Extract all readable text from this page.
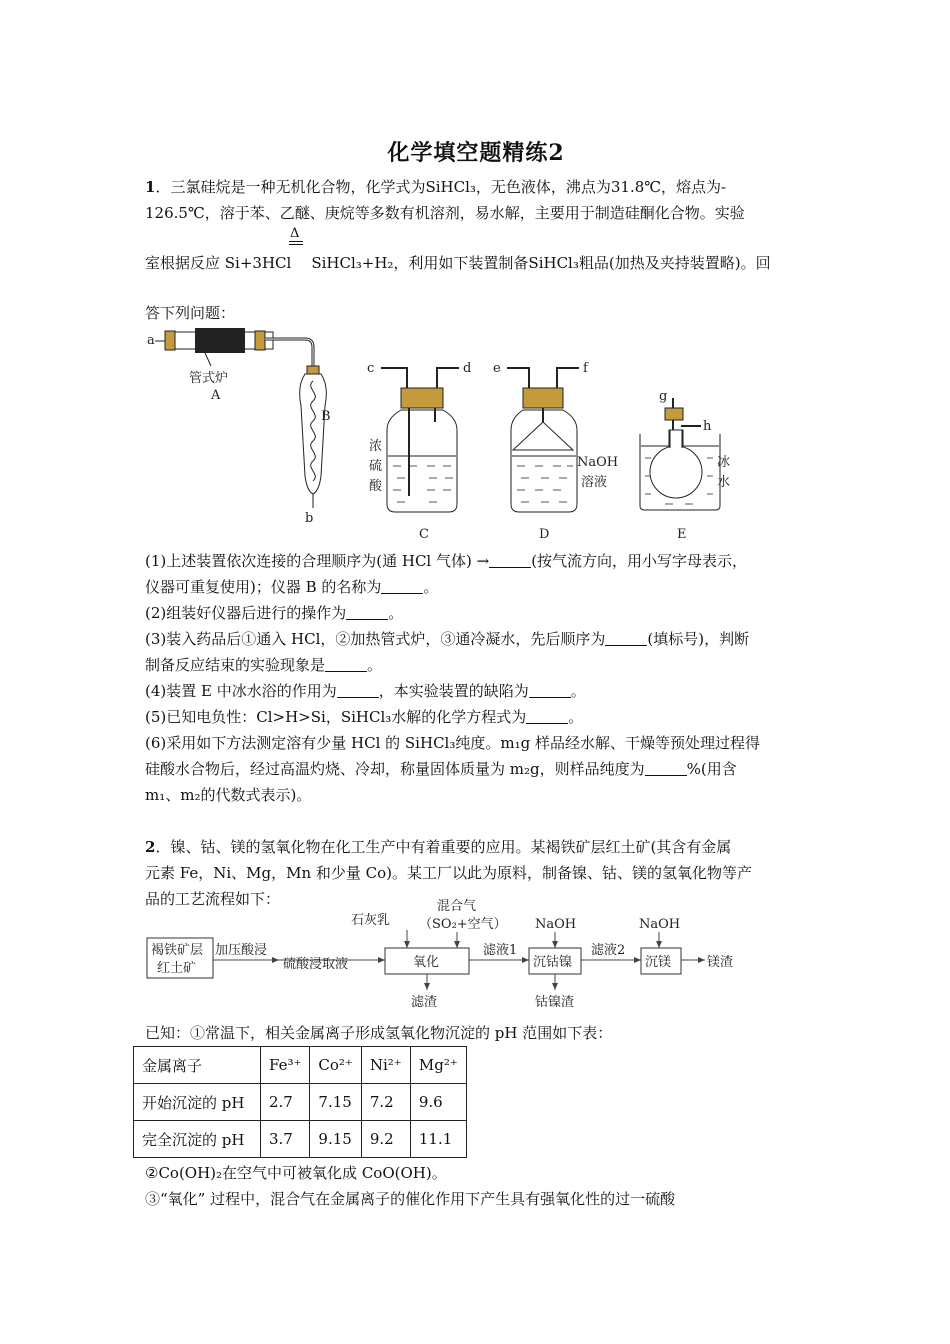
化学填空题精练2
1．三氯硅烷是一种无机化合物，化学式为SiHCl₃，无色液体，沸点为31.8℃，熔点为-
126.5℃，溶于苯、乙醚、庚烷等多数有机溶剂，易水解，主要用于制造硅酮化合物。实验
Δ
室根据反应 Si+3HCl SiHCl₃+H₂，利用如下装置制备SiHCl₃粗品(加热及夹持装置略)。回
答下列问题：
a
管式炉
A
B
b
c	d
浓
硫
酸
C
e	f
NaOH
溶液
D
g
h
冰
水
E
(1)上述装置依次连接的合理顺序为(通 HCl 气体) →	(按气流方向，用小写字母表示，
仪器可重复使用)；仪器 B 的名称为	。
(2)组装好仪器后进行的操作为	。
(3)装入药品后①通入 HCl，②加热管式炉，③通冷凝水，先后顺序为	(填标号)，判断
制备反应结束的实验现象是	。
(4)装置 E 中冰水浴的作用为	，本实验装置的缺陷为	。
(5)已知电负性：Cl>H>Si，SiHCl₃水解的化学方程式为	。
(6)采用如下方法测定溶有少量 HCl 的 SiHCl₃纯度。m₁g 样品经水解、干燥等预处理过程得
硅酸水合物后，经过高温灼烧、冷却，称量固体质量为 m₂g，则样品纯度为	%(用含
m₁、m₂的代数式表示)。
2．镍、钴、镁的氢氧化物在化工生产中有着重要的应用。某褐铁矿层红土矿(其含有金属
元素 Fe，Ni、Mg，Mn 和少量 Co)。某工厂以此为原料，制备镍、钴、镁的氢氧化物等产
品的工艺流程如下：
褐铁矿层
红土矿
加压酸浸
硫酸浸取液
石灰乳
混合气
（SO₂+空气）
氧化
滤渣
滤液1
NaOH
沉钴镍
钴镍渣
滤液2
NaOH
沉镁	镁渣
已知：①常温下，相关金属离子形成氢氧化物沉淀的 pH 范围如下表：
金属离子	Fe³⁺	Co²⁺	Ni²⁺	Mg²⁺
开始沉淀的 pH	2.7	7.15	7.2	9.6
完全沉淀的 pH	3.7	9.15	9.2	11.1
②Co(OH)₂在空气中可被氧化成 CoO(OH)。
③“氧化” 过程中，混合气在金属离子的催化作用下产生具有强氧化性的过一硫酸
